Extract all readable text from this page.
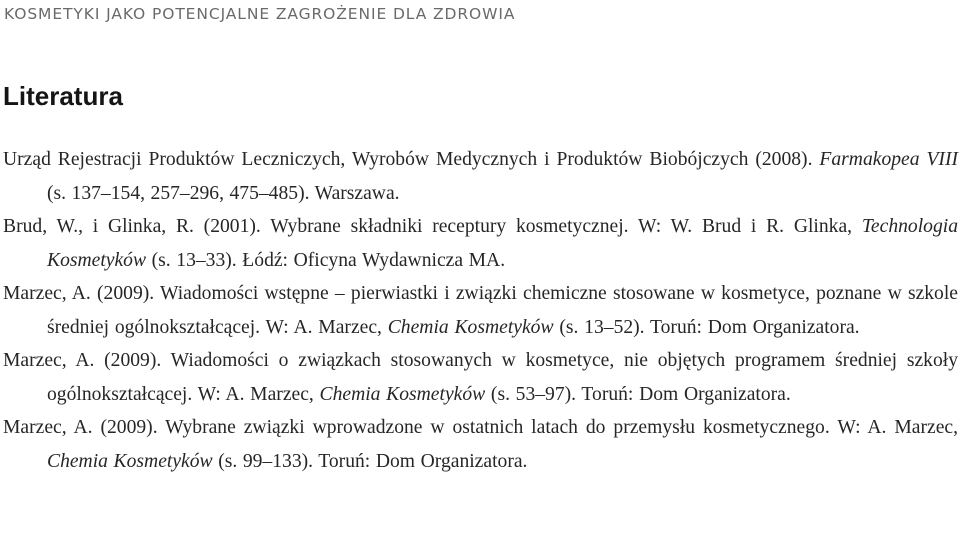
KOSMETYKI JAKO POTENCJALNE ZAGROŻENIE DLA ZDROWIA
Literatura
Urząd Rejestracji Produktów Leczniczych, Wyrobów Medycznych i Produktów Biobójczych (2008). Farmakopea VIII (s. 137–154, 257–296, 475–485). Warszawa.
Brud, W., i Glinka, R. (2001). Wybrane składniki receptury kosmetycznej. W: W. Brud i R. Glinka, Technologia Kosmetyków (s. 13–33). Łódź: Oficyna Wydawnicza MA.
Marzec, A. (2009). Wiadomości wstępne – pierwiastki i związki chemiczne stosowane w kosmetyce, poznane w szkole średniej ogólnokształcącej. W: A. Marzec, Chemia Kosmetyków (s. 13–52). Toruń: Dom Organizatora.
Marzec, A. (2009). Wiadomości o związkach stosowanych w kosmetyce, nie objętych programem średniej szkoły ogólnokształcącej. W: A. Marzec, Chemia Kosmetyków (s. 53–97). Toruń: Dom Organizatora.
Marzec, A. (2009). Wybrane związki wprowadzone w ostatnich latach do przemysłu kosmetycznego. W: A. Marzec, Chemia Kosmetyków (s. 99–133). Toruń: Dom Organizatora.
